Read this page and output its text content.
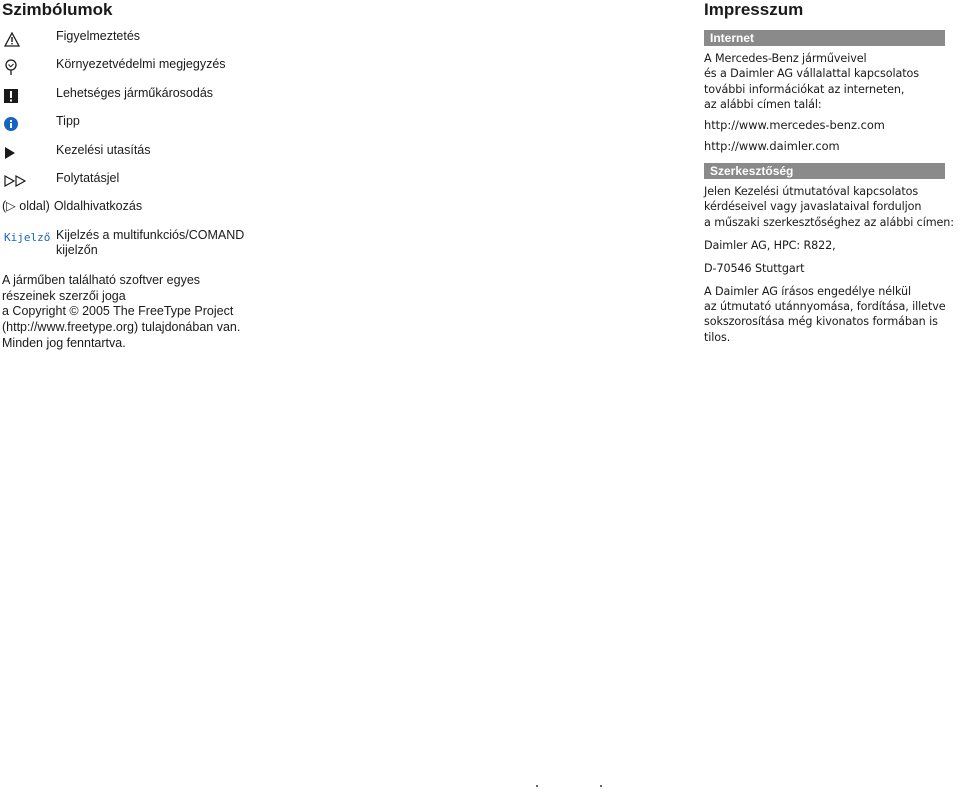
Szimbólumok
Figyelmeztetés
Környezetvédelmi megjegyzés
Lehetséges járműkárosodás
Tipp
Kezelési utasítás
Folytatásjel
(▷ oldal) Oldalhivatkozás
Kijelző Kijelzés a multifunkciós/COMAND kijelzőn
A járműben található szoftver egyes
részeinek szerzői joga
a Copyright © 2005 The FreeType Project
(http://www.freetype.org) tulajdonában van.
Minden jog fenntartva.
Impresszum
Internet
A Mercedes-Benz járműveivel
és a Daimler AG vállalattal kapcsolatos
további információkat az interneten,
az alábbi címen talál:
http://www.mercedes-benz.com
http://www.daimler.com
Szerkesztőség
Jelen Kezelési útmutatóval kapcsolatos
kérdéseivel vagy javaslataival forduljon
a műszaki szerkesztőséghez az alábbi címen:
Daimler AG, HPC: R822,
D-70546 Stuttgart
A Daimler AG írásos engedélye nélkül
az útmutató utánnyomása, fordítása, illetve
sokszorosítása még kivonatos formában is
tilos.
